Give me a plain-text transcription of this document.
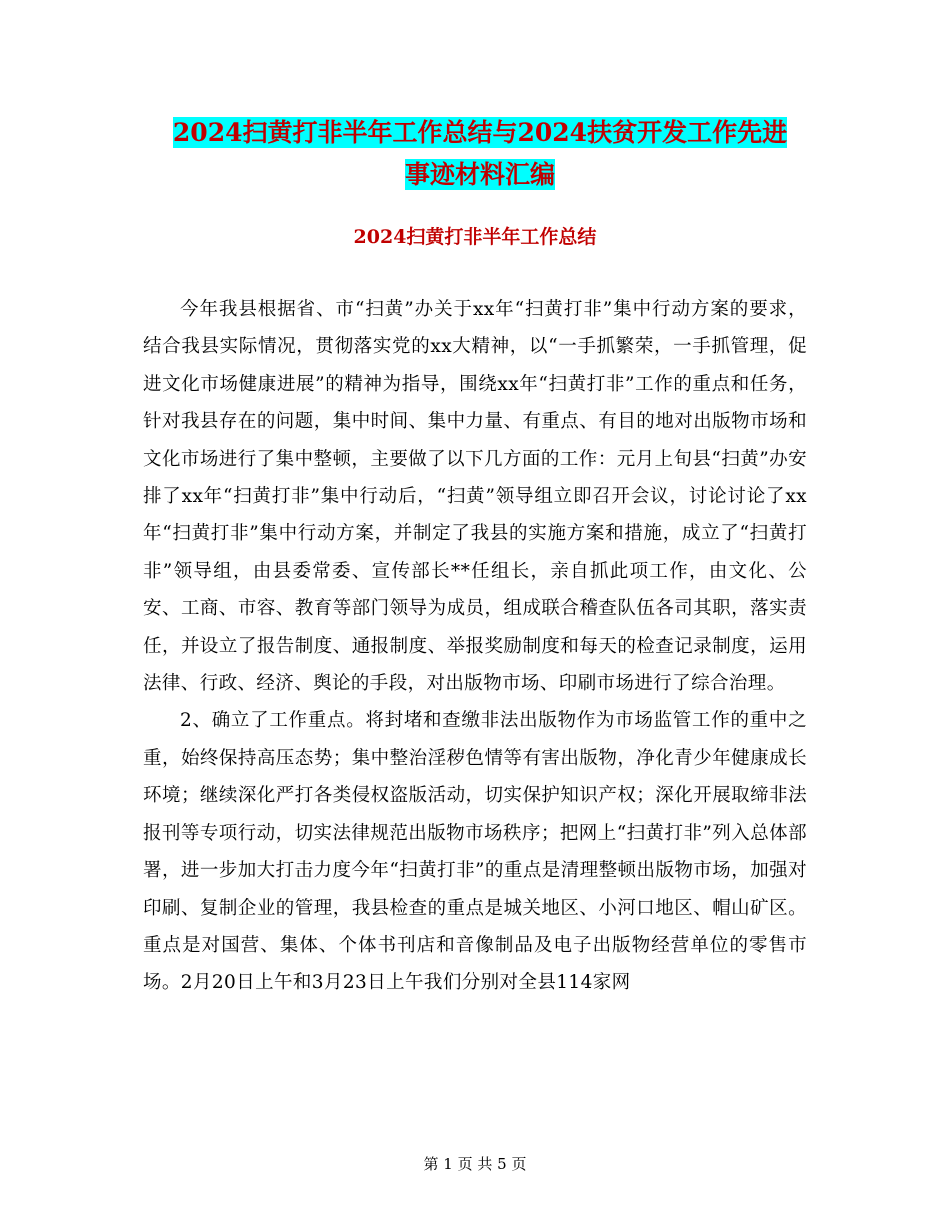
2024扫黄打非半年工作总结与2024扶贫开发工作先进
事迹材料汇编
2024扫黄打非半年工作总结

今年我县根据省、市“扫黄”办关于xx年“扫黄打非”集中行动方案的要求，结合我县实际情况，贯彻落实党的xx大精神，以“一手抓繁荣，一手抓管理，促进文化市场健康进展”的精神为指导，围绕xx年“扫黄打非”工作的重点和任务，针对我县存在的问题，集中时间、集中力量、有重点、有目的地对出版物市场和文化市场进行了集中整顿，主要做了以下几方面的工作：元月上旬县“扫黄”办安排了xx年“扫黄打非”集中行动后，“扫黄”领导组立即召开会议，讨论讨论了xx年“扫黄打非”集中行动方案，并制定了我县的实施方案和措施，成立了“扫黄打非”领导组，由县委常委、宣传部长**任组长，亲自抓此项工作，由文化、公安、工商、市容、教育等部门领导为成员，组成联合稽查队伍各司其职，落实责任，并设立了报告制度、通报制度、举报奖励制度和每天的检查记录制度，运用法律、行政、经济、舆论的手段，对出版物市场、印刷市场进行了综合治理。

2、确立了工作重点。将封堵和查缴非法出版物作为市场监管工作的重中之重，始终保持高压态势；集中整治淫秽色情等有害出版物，净化青少年健康成长环境；继续深化严打各类侵权盗版活动，切实保护知识产权；深化开展取缔非法报刊等专项行动，切实法律规范出版物市场秩序；把网上“扫黄打非”列入总体部署，进一步加大打击力度今年“扫黄打非”的重点是清理整顿出版物市场，加强对印刷、复制企业的管理，我县检查的重点是城关地区、小河口地区、帽山矿区。重点是对国营、集体、个体书刊店和音像制品及电子出版物经营单位的零售市场。2月20日上午和3月23日上午我们分别对全县114家网

第 1 页 共 5 页
